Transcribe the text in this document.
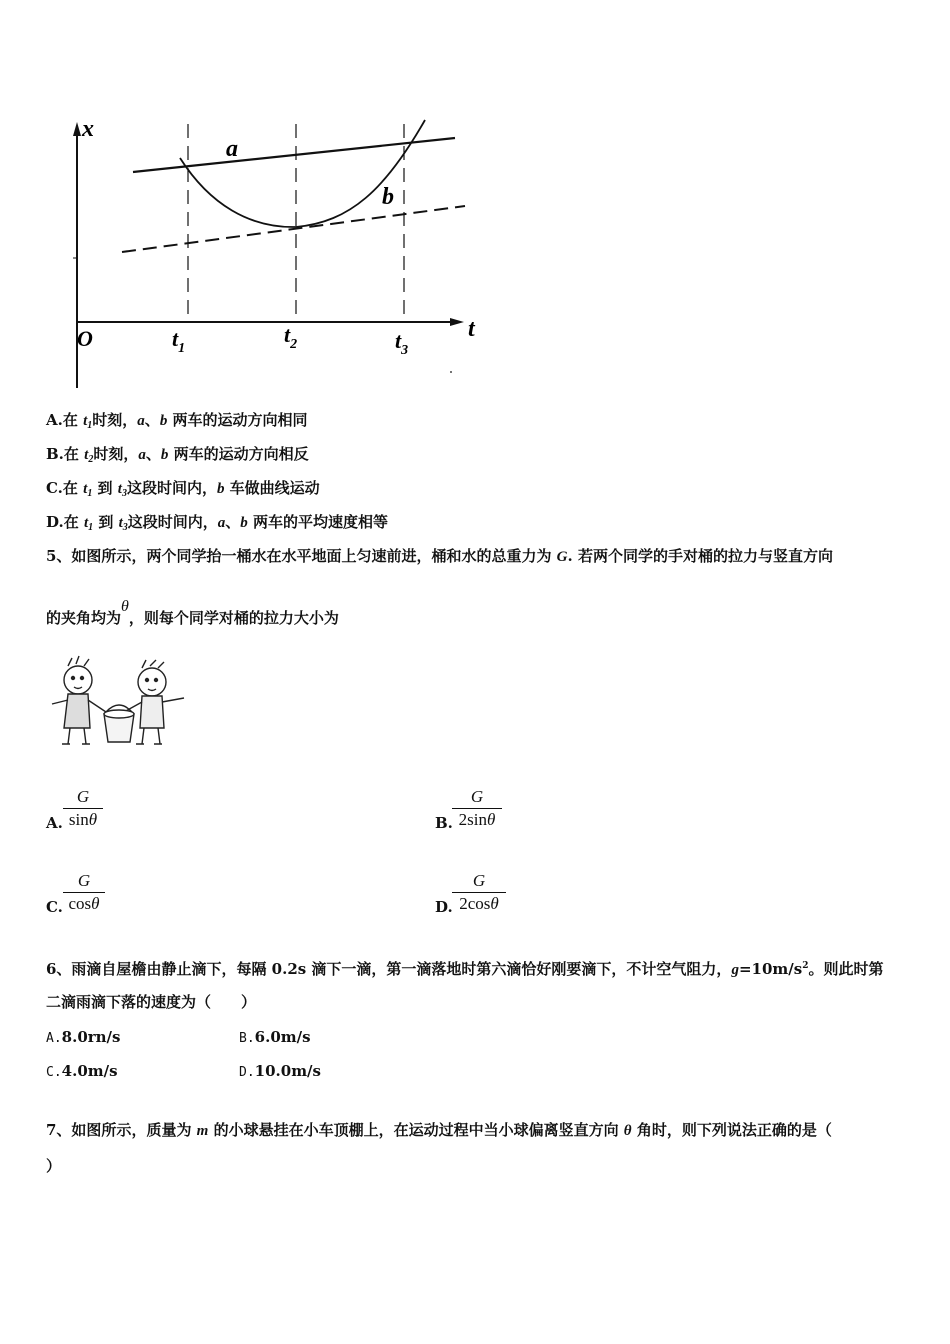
x
a
b
O	t
$t_1$
$t_2$	$t_3$
A.在 $t_1$时刻，a、b 两车的运动方向相同
B.在 $t_2$时刻，a、b 两车的运动方向相反
C.在 $t_1$ 到 $t_3$这段时间内，b 车做曲线运动
D.在 $t_1$ 到 $t_3$这段时间内，a、b 两车的平均速度相等
5、如图所示，两个同学抬一桶水在水平地面上匀速前进，桶和水的总重力为 G. 若两个同学的手对桶的拉力与竖直方向
的夹角均为θ，则每个同学对桶的拉力大小为
A.
G
sinθ	B.
G
2sinθ
C.
G
cosθ	D.
G
2cosθ
6、雨滴自屋檐由静止滴下，每隔 0.2s 滴下一滴，第一滴落地时第六滴恰好刚要滴下，不计空气阻力，$g=10m/s^2$。则此时第
二滴雨滴下落的速度为（　　）
A.8.0rn/s	B.6.0m/s
C.4.0m/s	D.10.0m/s
7、如图所示，质量为 m 的小球悬挂在小车顶棚上，在运动过程中当小球偏离竖直方向 θ 角时，则下列说法正确的是（
）
